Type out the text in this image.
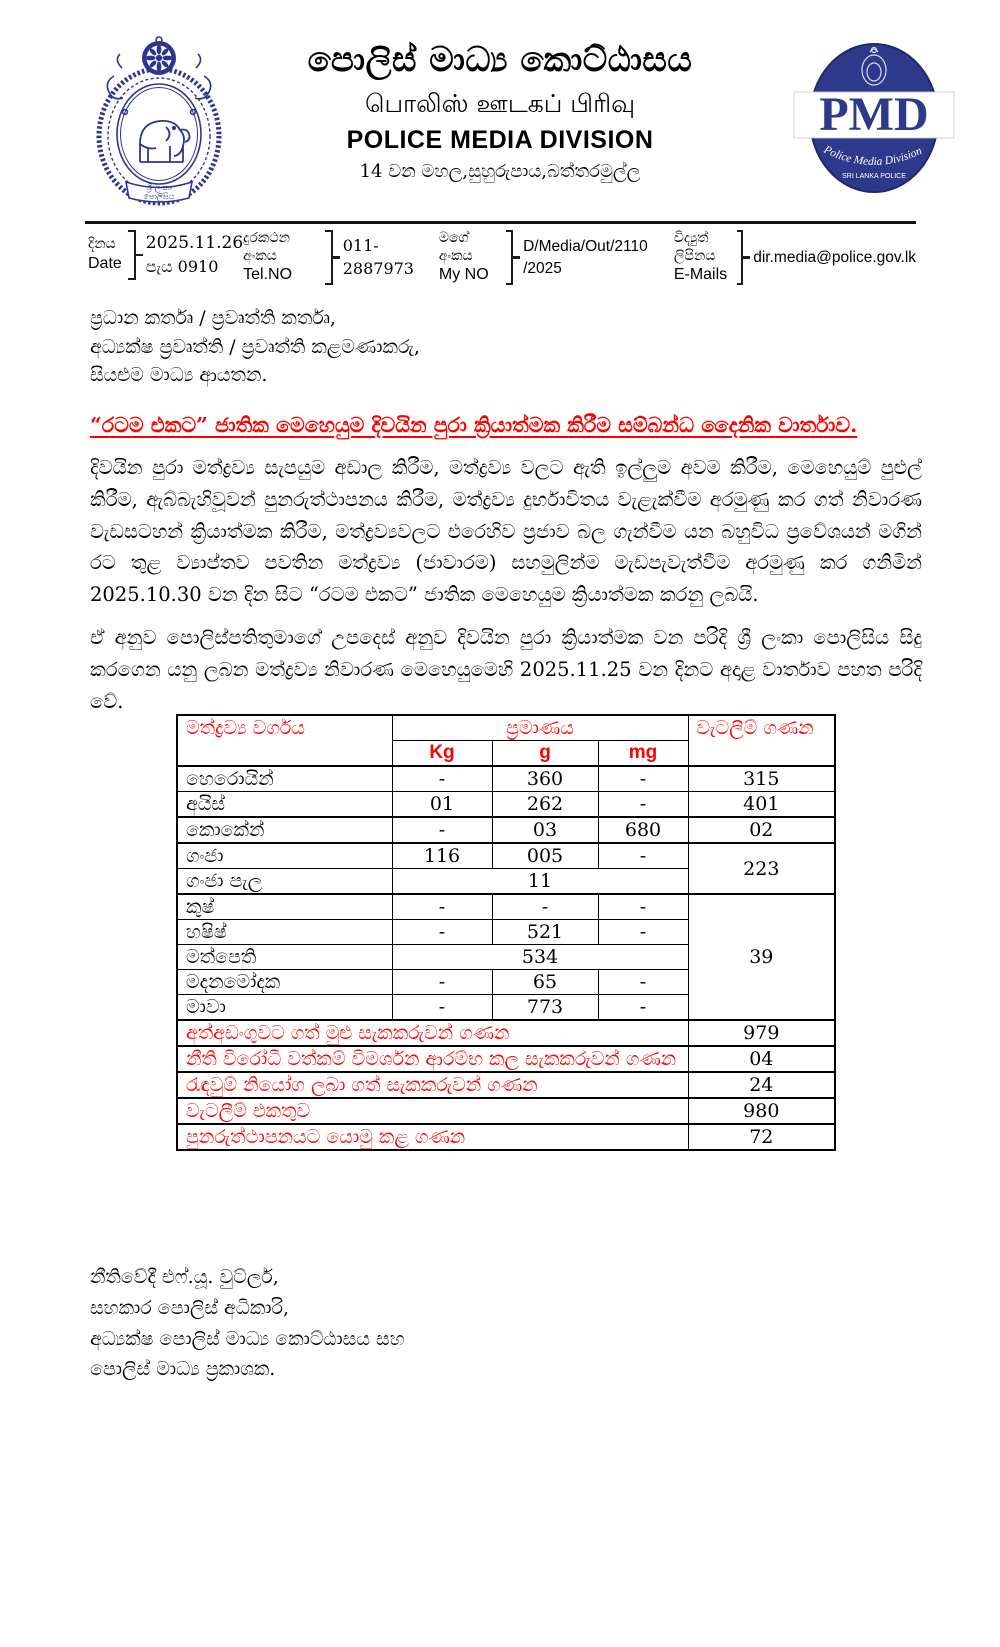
ශ්‍රී ලංකා
පොලිසිය
පොලිස් මාධ්‍ය කොට්ඨාසය
பொலிஸ் ஊடகப் பிரிவு
POLICE MEDIA DIVISION
14 වන මහල,සුහුරුපාය,බත්තරමුල්ල
PMD
Police Media Division
SRI LANKA POLICE
දිනය
Date
2025.11.26
පැය 0910
දුරකථන අංකය
Tel.NO
011-2887973
මගේ අංකය
My NO
D/Media/Out/2110 /2025
විද්‍යුත් ලිපිනය
E-Mails
dir.media@police.gov.lk
ප්‍රධාන කර්තෘ / ප්‍රවෘත්ති කර්තෘ,
අධ්‍යක්ෂ ප්‍රවෘත්ති / ප්‍රවෘත්ති කළමණාකරු,
සියළුම මාධ්‍ය ආයතන.
“රටම එකට” ජාතික මෙහෙයුම දිවයින පුරා ක්‍රියාත්මක කිරීම සම්බන්ධ දෛනික වාර්තාව.
දිවයින පුරා මත්ද්‍රව්‍ය සැපයුම අඩාල කිරීම, මත්ද්‍රව්‍ය වලට ඇති ඉල්ලුම අවම කිරීම, මෙහෙයුම් පුළුල් කිරීම, ඇබ්බැහිවූවන් පුනරුත්ථාපනය කිරීම, මත්ද්‍රව්‍ය දුර්භාවිතය වැළැක්වීම අරමුණු කර ගත් නිවාරණ වැඩසටහන් ක්‍රියාත්මක කිරීම, මත්ද්‍රව්‍යවලට එරෙහිව ප්‍රජාව බල ගැන්වීම යන බහුවිධ ප්‍රවේශයන් මගින් රට තුළ ව්‍යාප්තව පවතින මත්ද්‍රව්‍ය (ජාවාරම) සහමුලින්ම මැඩපැවැත්වීම අරමුණු කර ගනිමින් 2025.10.30 වන දින සිට “රටම එකට” ජාතික මෙහෙයුම ක්‍රියාත්මක කරනු ලබයි.
ඒ අනුව පොලිස්පතිතුමාගේ උපදෙස් අනුව දිවයින පුරා ක්‍රියාත්මක වන පරිදි ශ්‍රී ලංකා පොලිසිය සිදු කරගෙන යනු ලබන මත්ද්‍රව්‍ය නිවාරණ මෙහෙයුමෙහි 2025.11.25 වන දිනට අදාළ වාර්තාව පහත පරිදි වේ.
මත්ද්‍රව්‍ය වර්ගය	ප්‍රමාණය			වැටලීම් ගණන
	Kg	g	mg	
හෙරොයින්	-	360	-	315
අයිස්	01	262	-	401
කොකේන්	-	03	680	02
ගංජා	116	005	-	223
ගංජා පැල	11			
කුෂ්	-	-	-	39
හෂිෂ්	-	521	-	
මත්පෙති	534			
මදනමෝදක	-	65	-	
මාවා	-	773	-	
අත්අඩංගුවට ගත් මුළු සැකකරුවන් ගණන				979
නීති විරෝධී වත්කම් විමර්ශන ආරම්භ කල සැකකරුවන් ගණන				04
රැඳවුම් නියෝග ලබා ගත් සැකකරුවන් ගණන				24
වැටලීම් එකතුව				980
පුනරුත්ථාපනයට යොමු කළ ගණන				72
නීතිවේදී එෆ්.යූ. වුට්ලර්,
සහකාර පොලිස් අධිකාරි,
අධ්‍යක්ෂ පොලිස් මාධ්‍ය කොට්ඨාසය සහ
පොලිස් මාධ්‍ය ප්‍රකාශක.
